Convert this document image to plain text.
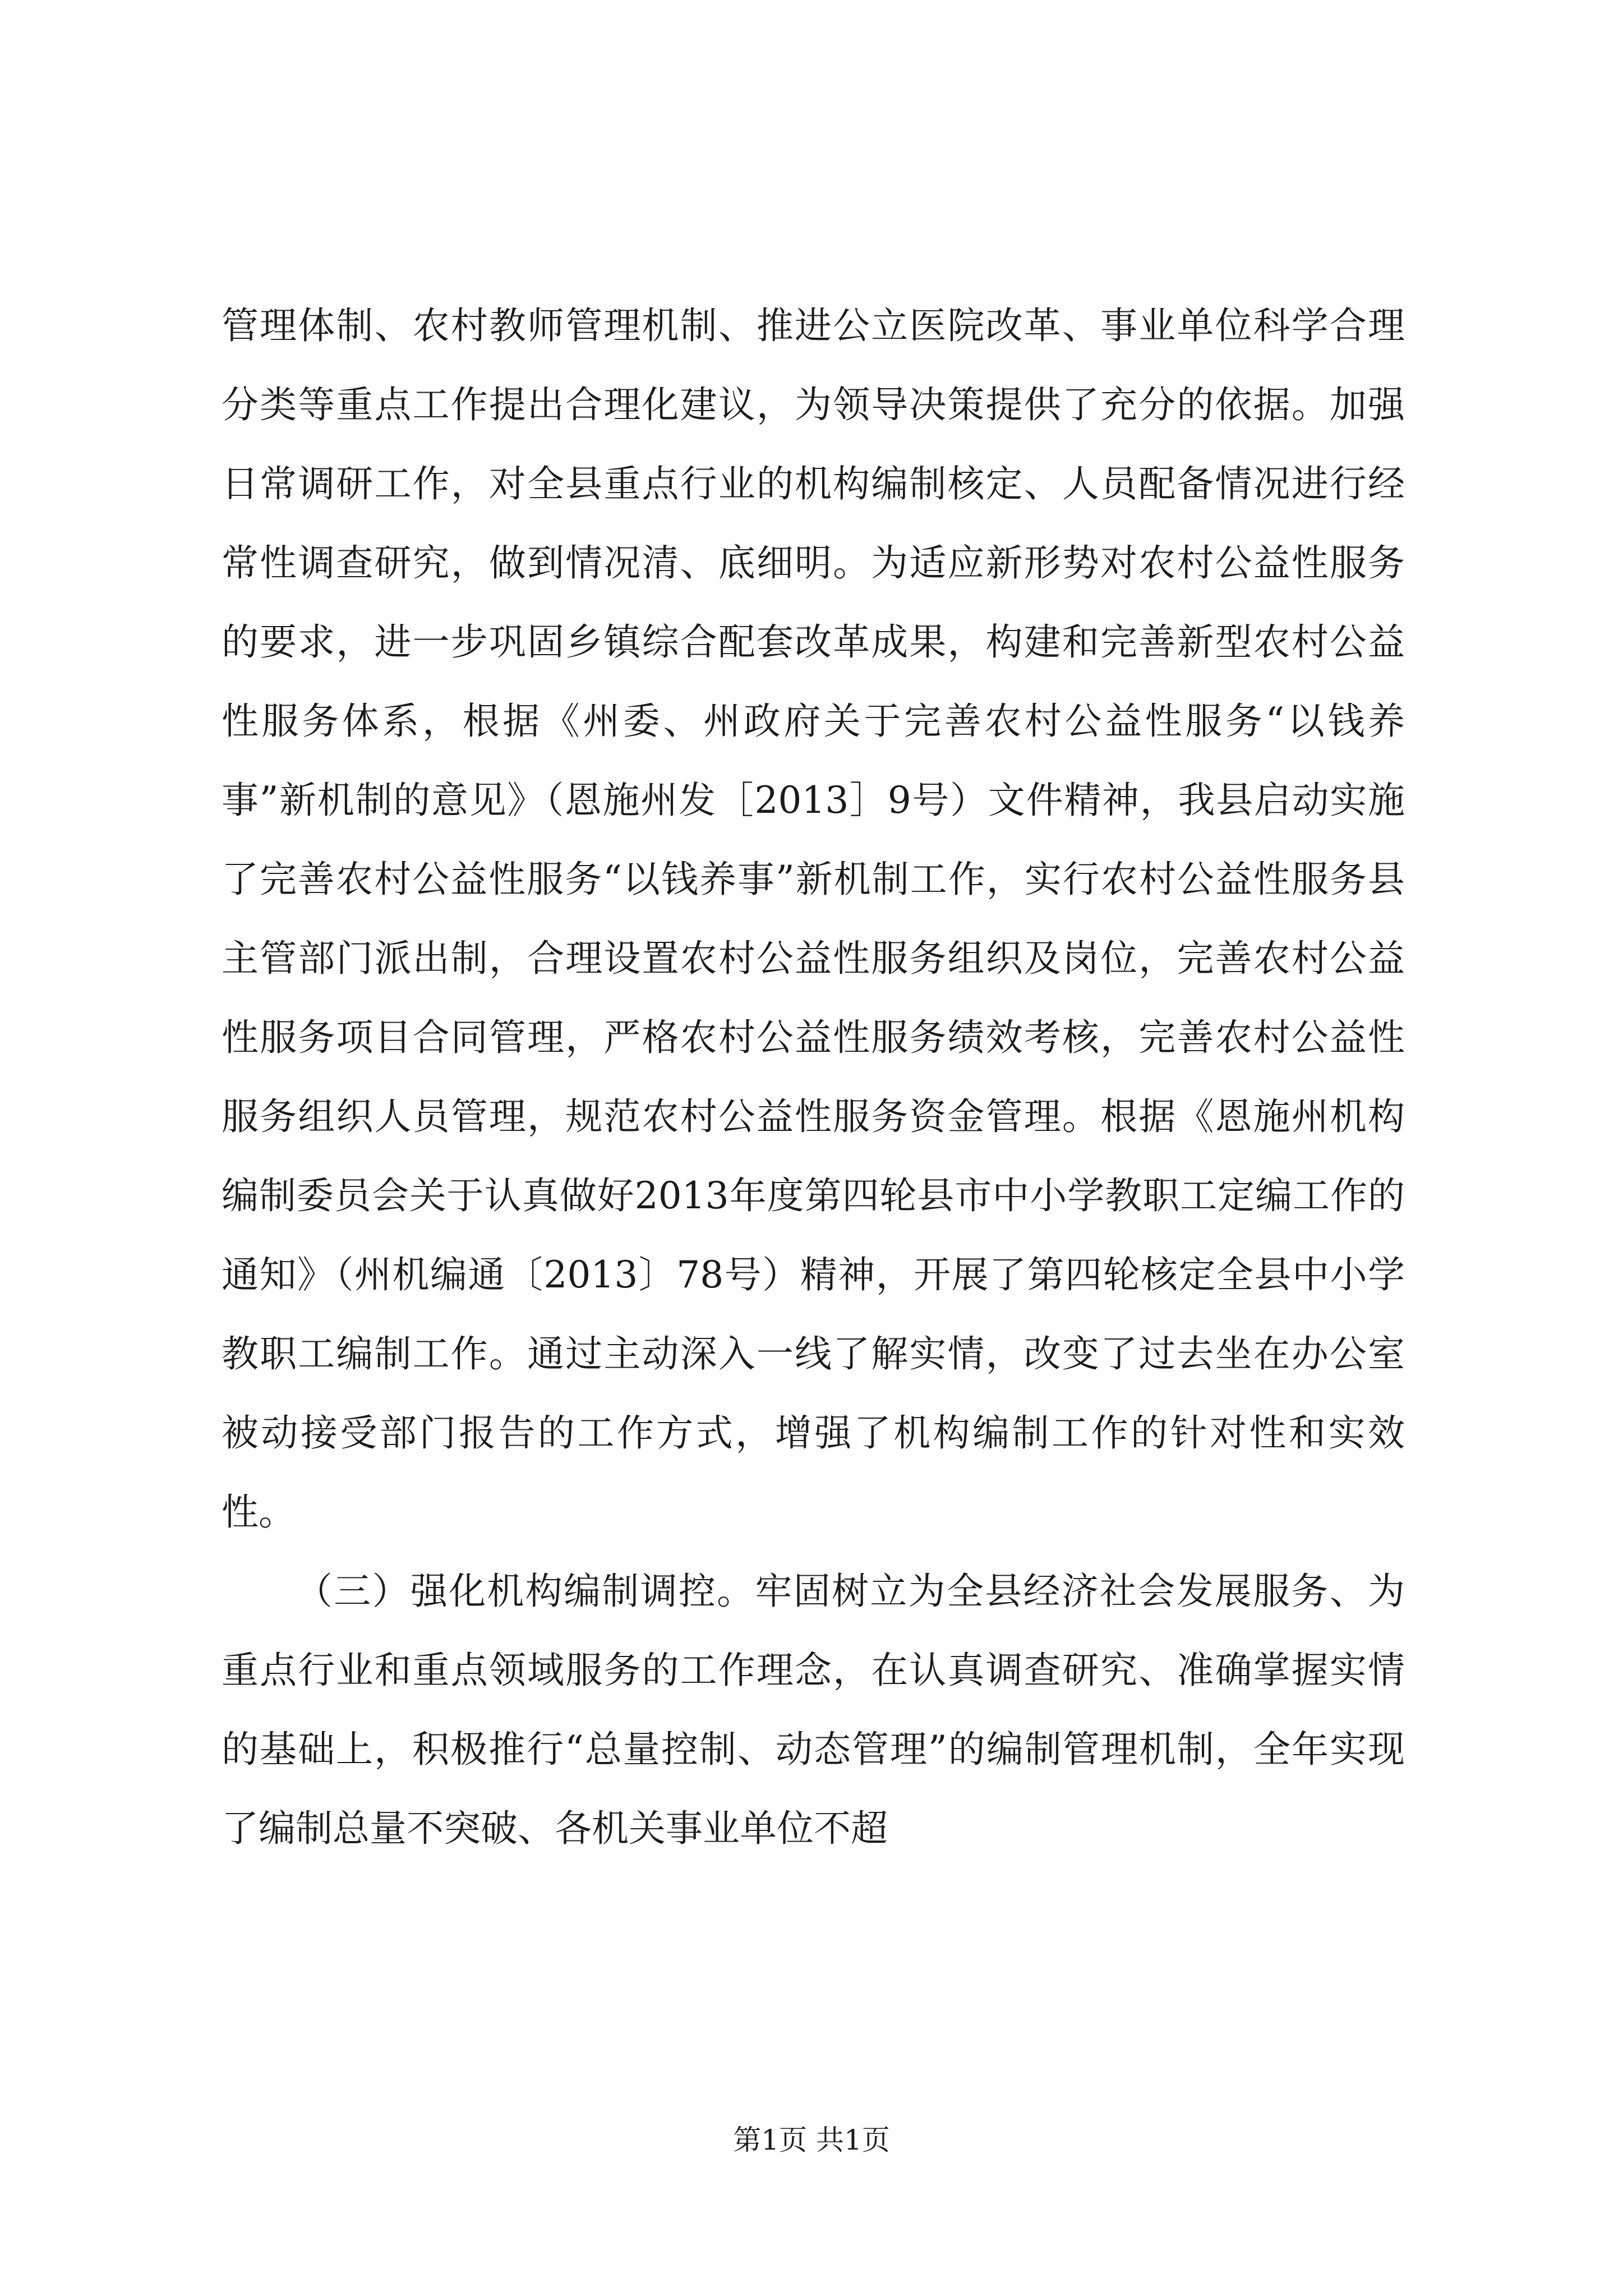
管理体制、农村教师管理机制、推进公立医院改革、事业单位科学合理分类等重点工作提出合理化建议，为领导决策提供了充分的依据。加强日常调研工作，对全县重点行业的机构编制核定、人员配备情况进行经常性调查研究，做到情况清、底细明。为适应新形势对农村公益性服务的要求，进一步巩固乡镇综合配套改革成果，构建和完善新型农村公益性服务体系，根据《州委、州政府关于完善农村公益性服务“以钱养事”新机制的意见》（恩施州发［2013］9号）文件精神，我县启动实施了完善农村公益性服务“以钱养事”新机制工作，实行农村公益性服务县主管部门派出制，合理设置农村公益性服务组织及岗位，完善农村公益性服务项目合同管理，严格农村公益性服务绩效考核，完善农村公益性服务组织人员管理，规范农村公益性服务资金管理。根据《恩施州机构编制委员会关于认真做好2013年度第四轮县市中小学教职工定编工作的通知》（州机编通〔2013〕78号）精神，开展了第四轮核定全县中小学教职工编制工作。通过主动深入一线了解实情，改变了过去坐在办公室被动接受部门报告的工作方式，增强了机构编制工作的针对性和实效性。

（三）强化机构编制调控。牢固树立为全县经济社会发展服务、为重点行业和重点领域服务的工作理念，在认真调查研究、准确掌握实情的基础上，积极推行“总量控制、动态管理”的编制管理机制，全年实现了编制总量不突破、各机关事业单位不超

第1页 共1页
